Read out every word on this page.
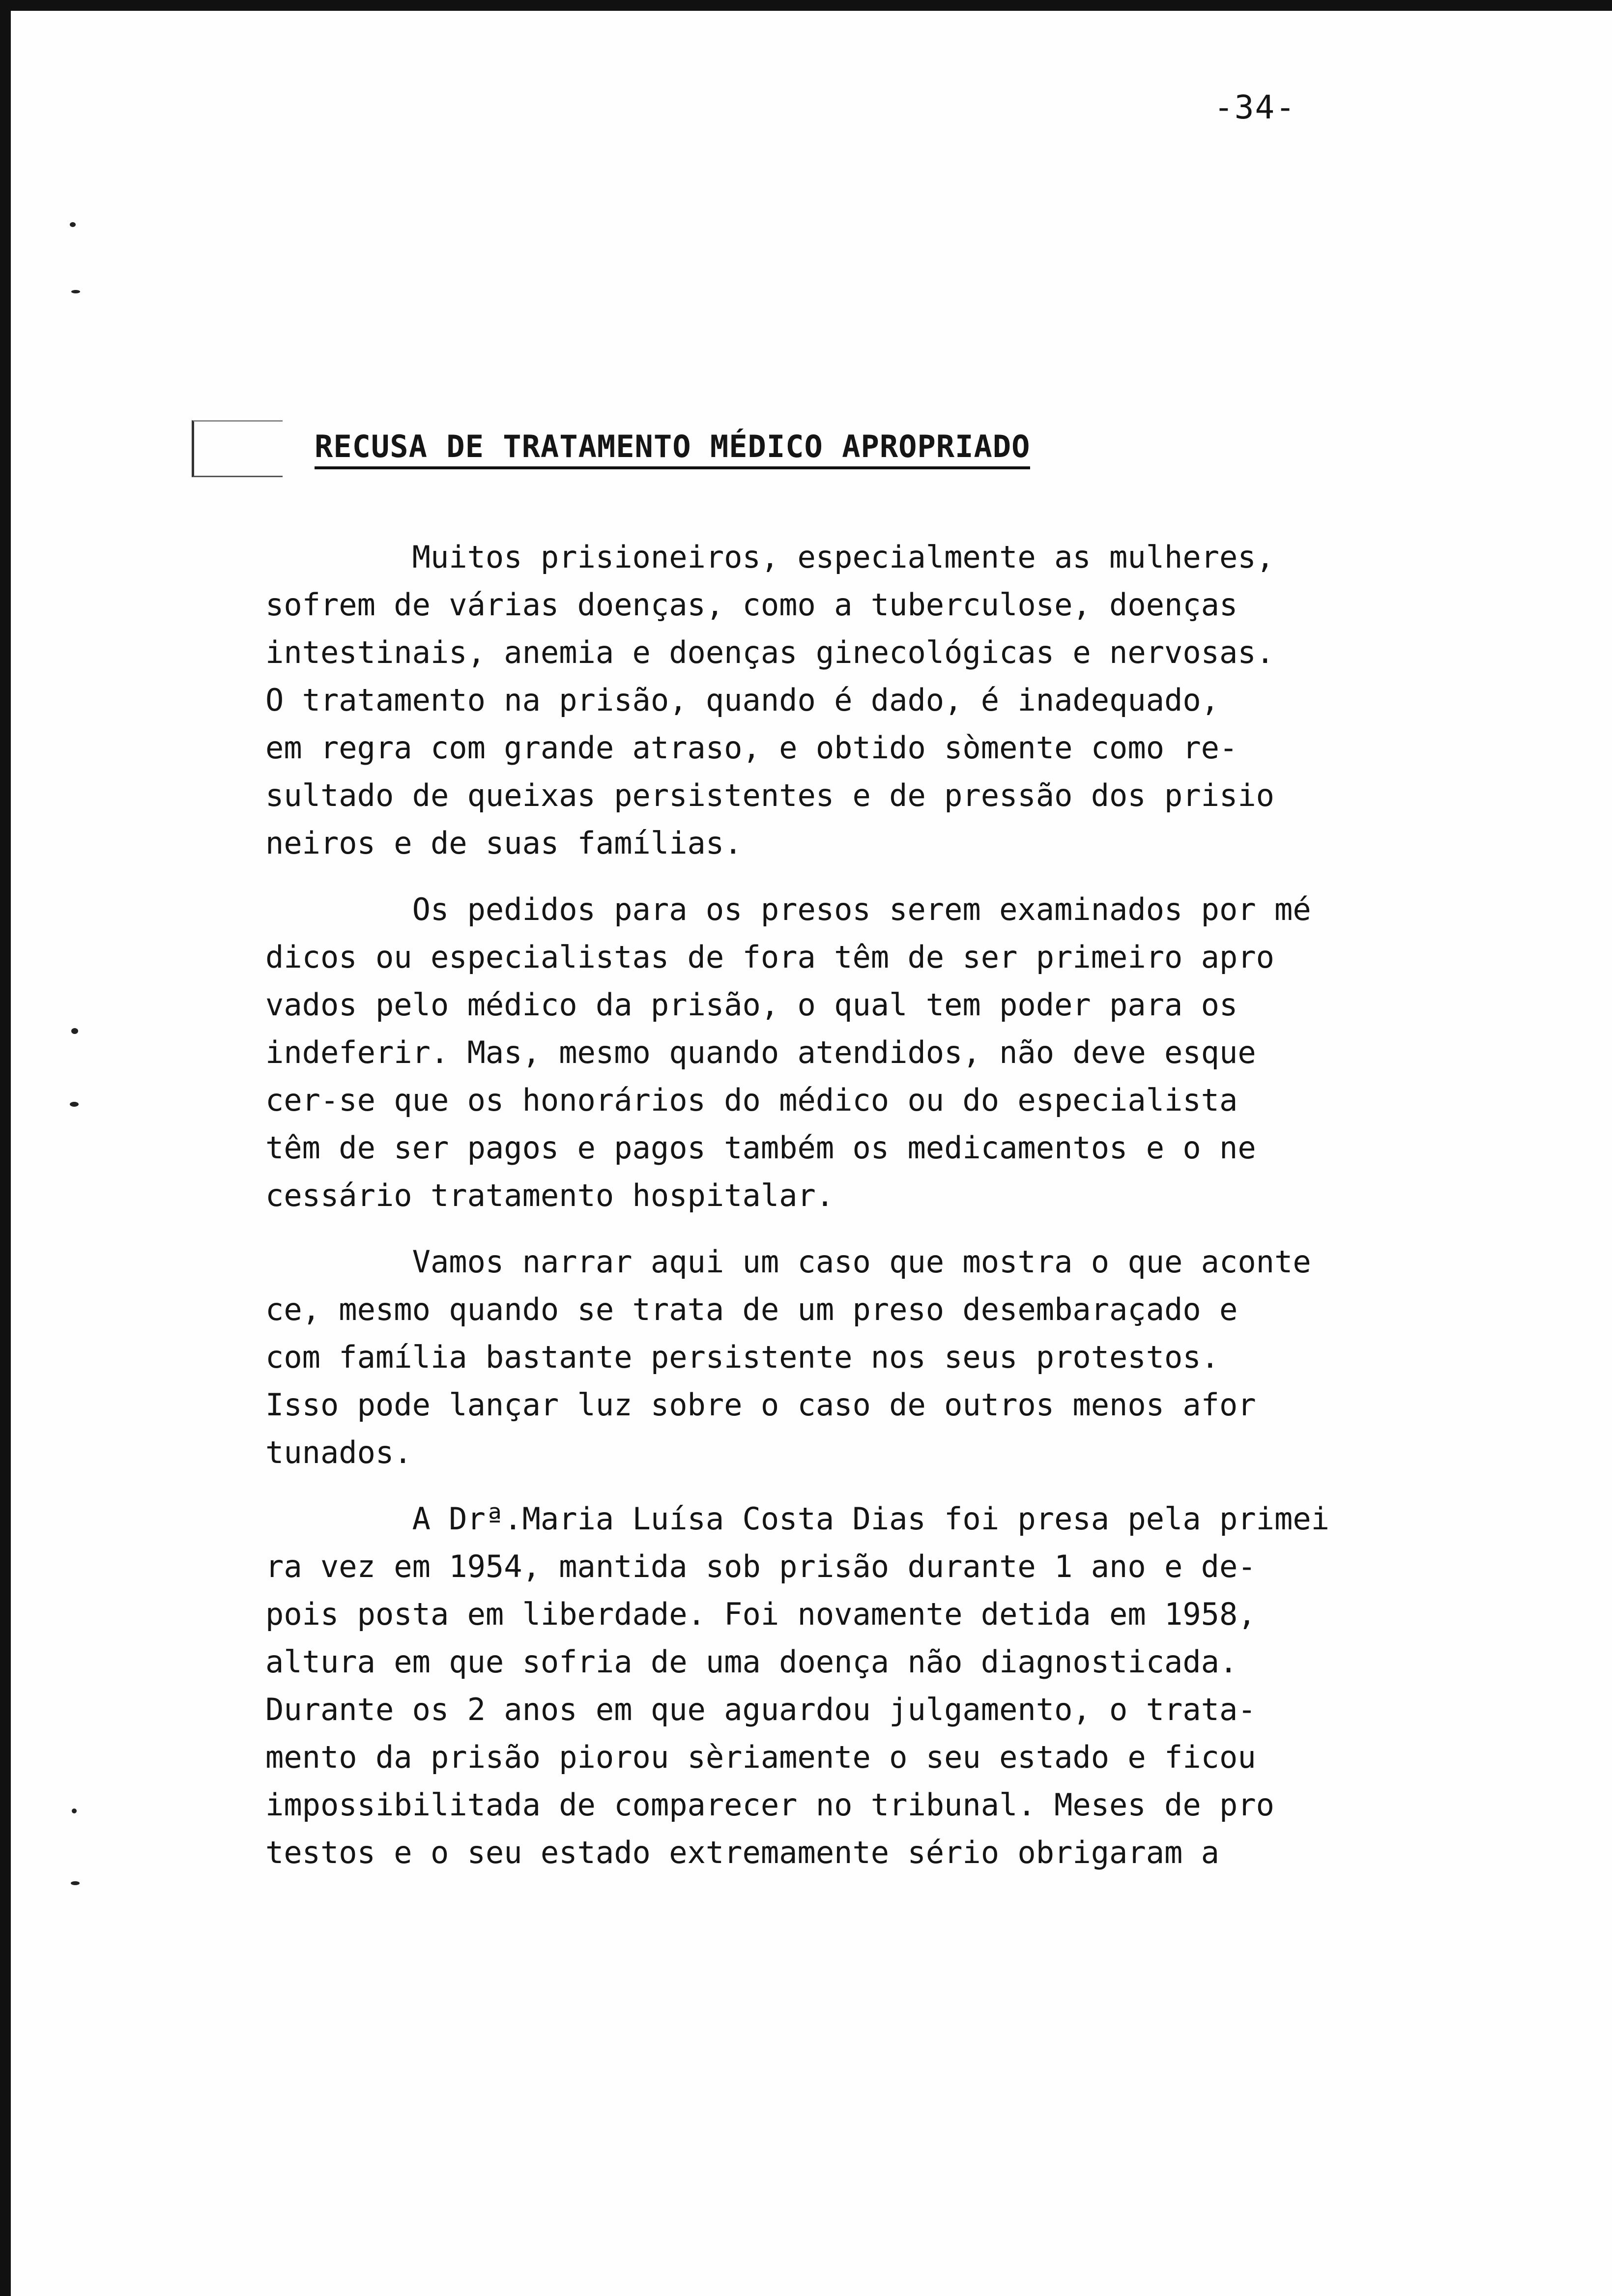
-34-
RECUSA DE TRATAMENTO MÉDICO APROPRIADO
Muitos prisioneiros, especialmente as mulheres,
sofrem de várias doenças, como a tuberculose, doenças
intestinais, anemia e doenças ginecológicas e nervosas.
O tratamento na prisão, quando é dado, é inadequado,
em regra com grande atraso, e obtido sòmente como re-
sultado de queixas persistentes e de pressão dos prisio
neiros e de suas famílias.
Os pedidos para os presos serem examinados por mé
dicos ou especialistas de fora têm de ser primeiro apro
vados pelo médico da prisão, o qual tem poder para os
indeferir. Mas, mesmo quando atendidos, não deve esque
cer-se que os honorários do médico ou do especialista
têm de ser pagos e pagos também os medicamentos e o ne
cessário tratamento hospitalar.
Vamos narrar aqui um caso que mostra o que aconte
ce, mesmo quando se trata de um preso desembaraçado e
com família bastante persistente nos seus protestos.
Isso pode lançar luz sobre o caso de outros menos afor
tunados.
A Drª.Maria Luísa Costa Dias foi presa pela primei
ra vez em 1954, mantida sob prisão durante 1 ano e de-
pois posta em liberdade. Foi novamente detida em 1958,
altura em que sofria de uma doença não diagnosticada.
Durante os 2 anos em que aguardou julgamento, o trata-
mento da prisão piorou sèriamente o seu estado e ficou
impossibilitada de comparecer no tribunal. Meses de pro
testos e o seu estado extremamente sério obrigaram a
